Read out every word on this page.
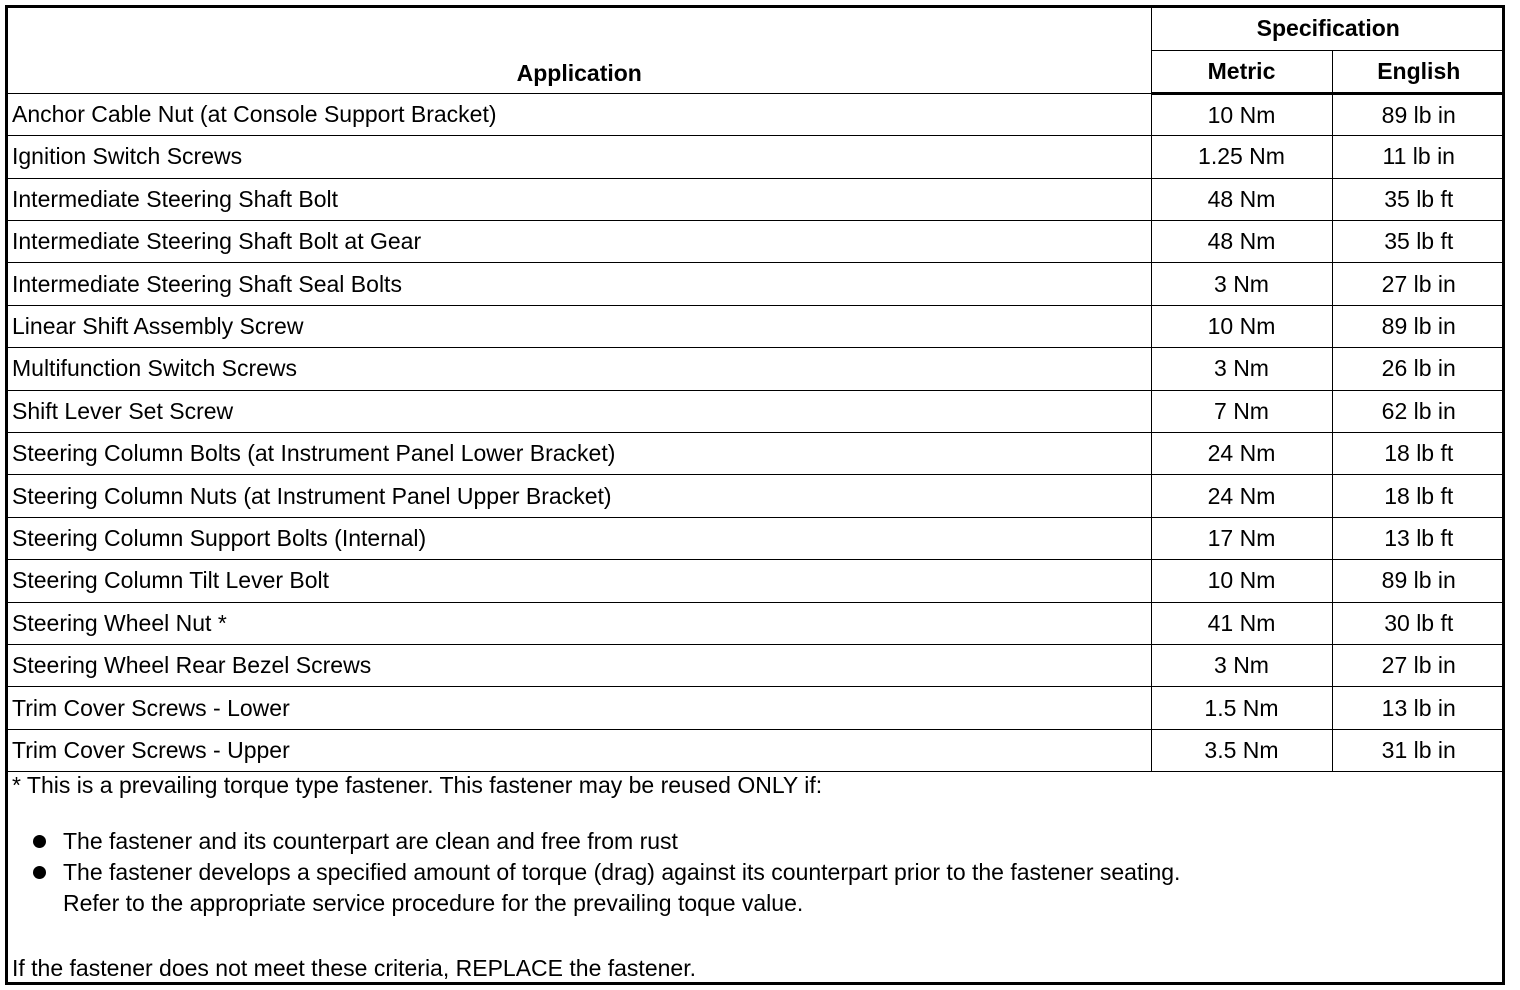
Application	Specification	
	Metric	English
Anchor Cable Nut (at Console Support Bracket)	10 Nm	89 lb in
Ignition Switch Screws	1.25 Nm	11 lb in
Intermediate Steering Shaft Bolt	48 Nm	35 lb ft
Intermediate Steering Shaft Bolt at Gear	48 Nm	35 lb ft
Intermediate Steering Shaft Seal Bolts	3 Nm	27 lb in
Linear Shift Assembly Screw	10 Nm	89 lb in
Multifunction Switch Screws	3 Nm	26 lb in
Shift Lever Set Screw	7 Nm	62 lb in
Steering Column Bolts (at Instrument Panel Lower Bracket)	24 Nm	18 lb ft
Steering Column Nuts (at Instrument Panel Upper Bracket)	24 Nm	18 lb ft
Steering Column Support Bolts (Internal)	17 Nm	13 lb ft
Steering Column Tilt Lever Bolt	10 Nm	89 lb in
Steering Wheel Nut *	41 Nm	30 lb ft
Steering Wheel Rear Bezel Screws	3 Nm	27 lb in
Trim Cover Screws - Lower	1.5 Nm	13 lb in
Trim Cover Screws - Upper	3.5 Nm	31 lb in
* This is a prevailing torque type fastener. This fastener may be reused ONLY if:
The fastener and its counterpart are clean and free from rust
The fastener develops a specified amount of torque (drag) against its counterpart prior to the fastener seating.
Refer to the appropriate service procedure for the prevailing toque value.
If the fastener does not meet these criteria, REPLACE the fastener.
